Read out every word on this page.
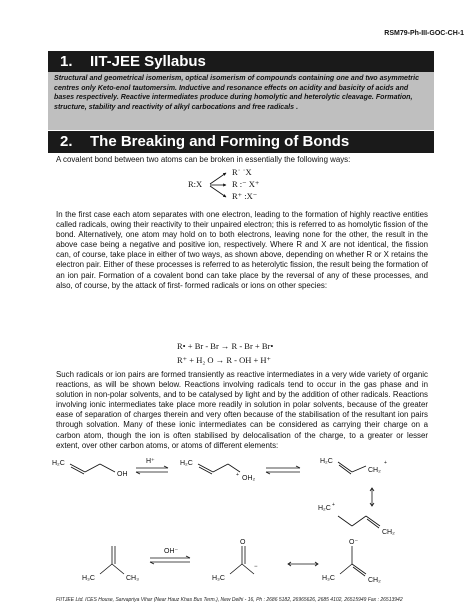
RSM79-Ph-III-GOC-CH-1
1. IIT-JEE Syllabus
Structural and geometrical isomerism, optical isomerism of compounds containing one and two asymmetric centres only Keto-enol tautomersim. Inductive and resonance effects on acidity and basicity of acids and bases respectively. Reactive intermediates produce during homolytic and heterolytic cleavage. Formation, structure, stability and reactivity of alkyl carbocations and free radicals .
2. The Breaking and Forming of Bonds
A covalent bond between two atoms can be broken in essentially the following ways:
R:X
R˙ ˙X
R :⁻ X⁺
R⁺ :X⁻
In the first case each atom separates with one electron, leading to the formation of highly reactive entities called radicals, owing their reactivity to their unpaired electron; this is referred to as homolytic fission of the bond. Alternatively, one atom may hold on to both electrons, leaving none for the other, the result in the above case being a negative and positive ion, respectively. Where R and X are not identical, the fission can, of course, take place in either of two ways, as shown above, depending on whether R or X retains the electron pair. Either of these processes is referred to as heterolytic fission, the result being the formation of an ion pair. Formation of a covalent bond can take place by the reversal of any of these processes, and also, of course, by the attack of first- formed radicals or ions on other species:
R• + Br - Br → R - Br + Br•
R⁺ + H₂ O → R - OH + H⁺
Such radicals or ion pairs are formed transiently as reactive intermediates in a very wide variety of organic reactions, as will be shown below. Reactions involving radicals tend to occur in the gas phase and in solution in non-polar solvents, and to be catalysed by light and by the addition of other radicals. Reactions involving ionic intermediates take place more readily in solution in polar solvents, because of the greater ease of separation of charges therein and very often because of the stabilisation of the resultant ion pairs through solvation. Many of these ionic intermediates can be considered as carrying their charge on a carbon atom, though the ion is often stabilised by delocalisation of the charge, to a greater or lesser extent, over other carbon atoms, or atoms of different elements:
H₂C
OH
H⁺	H₂C
+ OH₂
H₂C
CH₂
+
H₂C +
CH₂
H₃C	CH₃
OH⁻
H₃C
−
O
H₃C	CH₂
O⁻
FIITJEE Ltd. ICES House, Sarvapriya Vihar (Near Hauz Khas Bus Term.), New Delhi - 16, Ph : 2686 5182, 26965626, 2685 4102, 26515949 Fax : 26513942
